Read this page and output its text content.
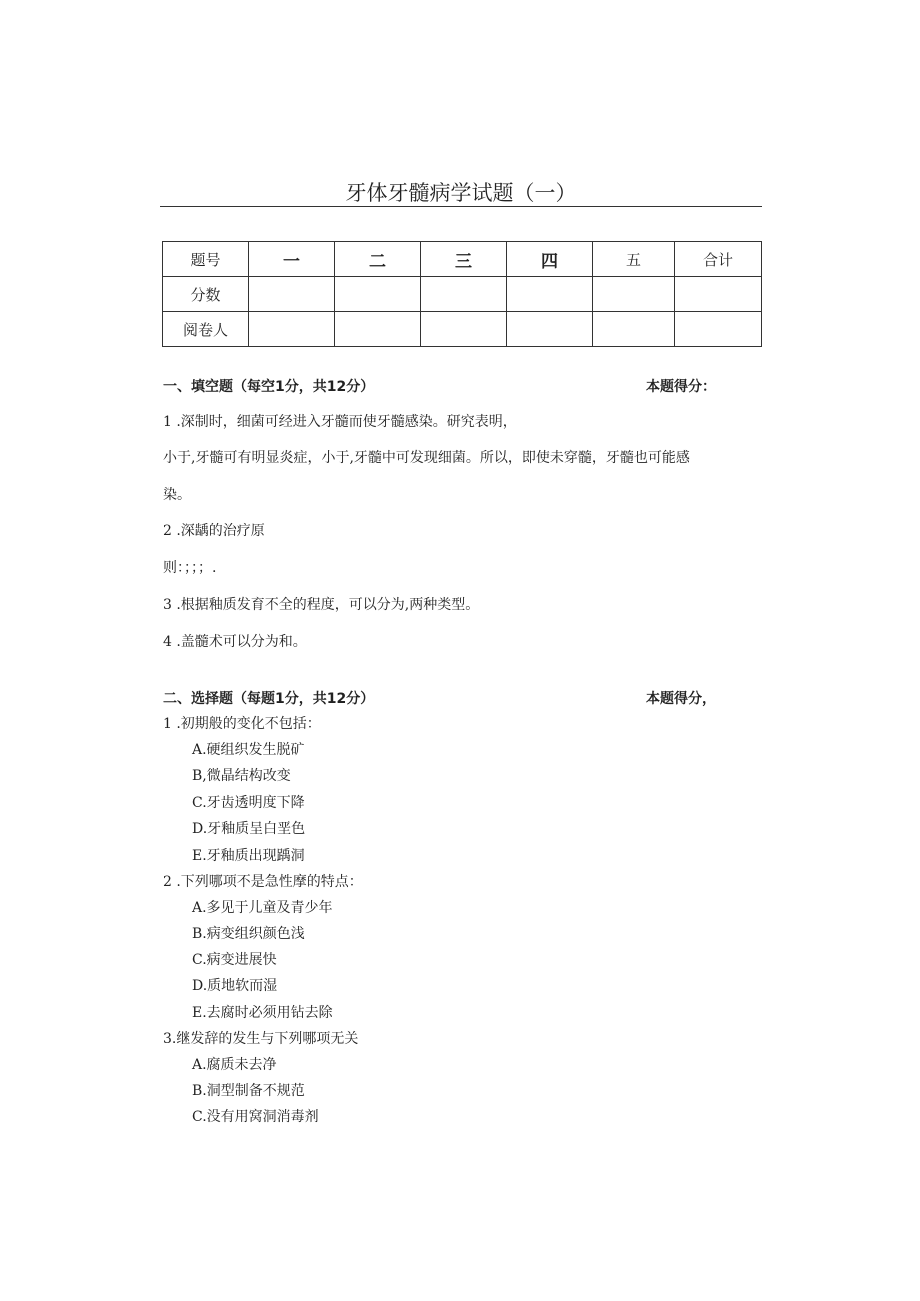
牙体牙髓病学试题（一）
题号	一	二	三	四	五	合计
分数						
阅卷人						
一、填空题（每空1分，共12分）	本题得分：
1 .深制时，细菌可经进入牙髓而使牙髓感染。研究表明，
小于,牙髓可有明显炎症，小于,牙髓中可发现细菌。所以，即使未穿髓，牙髓也可能感
染。
2 .深龋的治疗原
则：；；；.
3 .根据釉质发育不全的程度，可以分为,两种类型。
4 .盖髓术可以分为和。
二、选择题（每题1分，共12分）	本题得分，
1 .初期般的变化不包括：
A.硬组织发生脱矿
B,微晶结构改变
C.牙齿透明度下降
D.牙釉质呈白垩色
E.牙釉质出现踽洞
2 .下列哪项不是急性摩的特点：
A.多见于儿童及青少年
B.病变组织颜色浅
C.病变进展快
D.质地软而湿
E.去腐时必须用钻去除
3.继发辞的发生与下列哪项无关
A.腐质未去净
B.洞型制备不规范
C.没有用窝洞消毒剂
